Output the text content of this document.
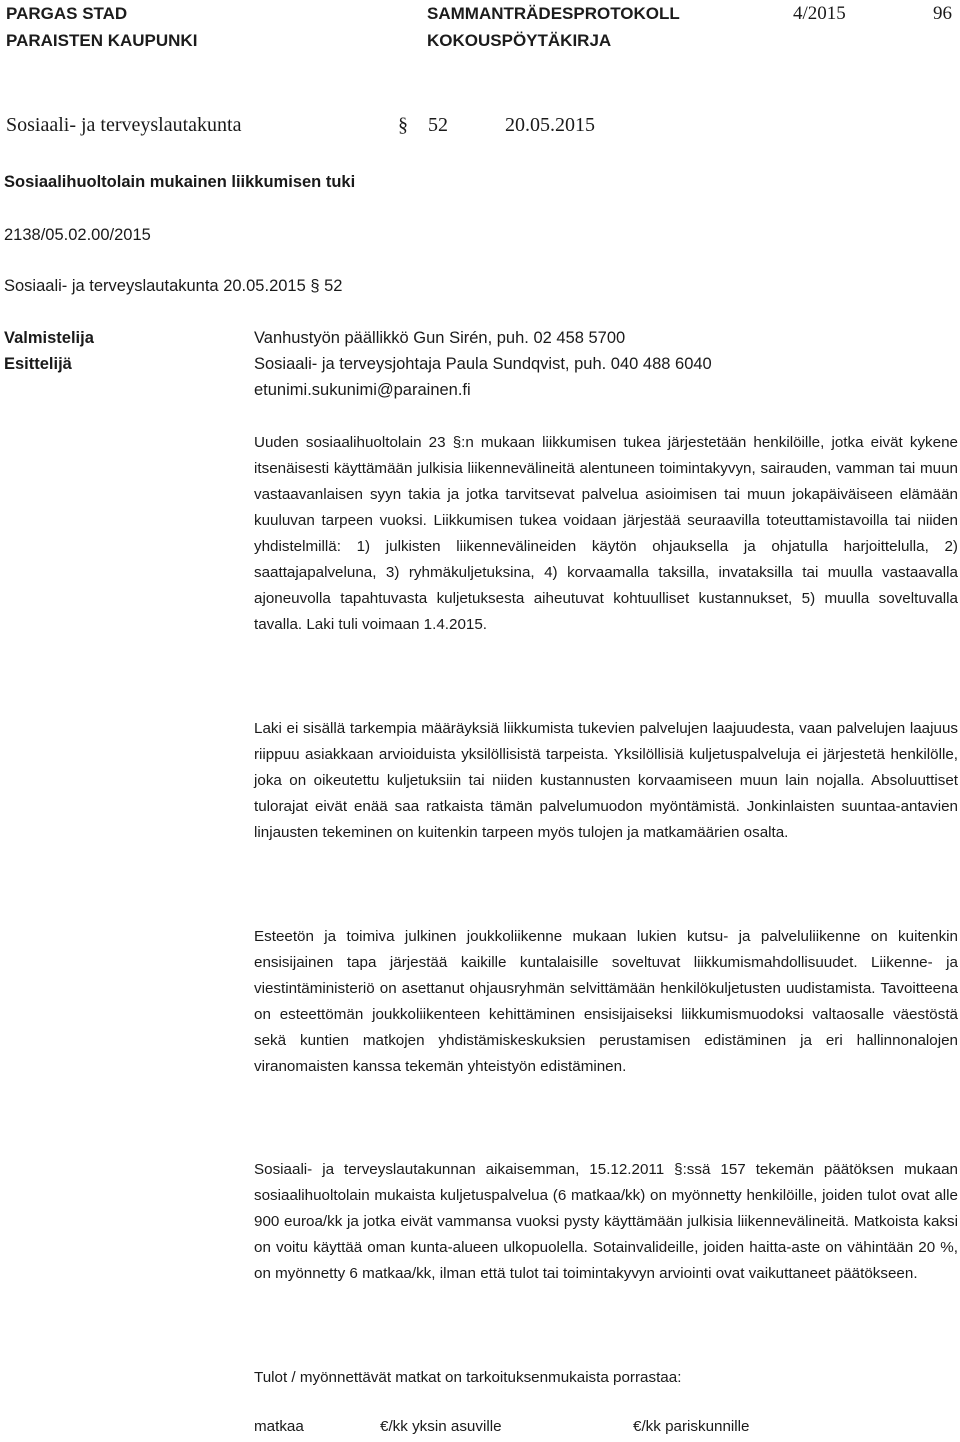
PARGAS STAD
PARAISTEN KAUPUNKI
SAMMANTRÄDESPROTOKOLL
KOKOUSPÖYTÄKIRJA
4/2015	96
Sosiaali- ja terveyslautakunta	§ 52	20.05.2015
Sosiaalihuoltolain mukainen liikkumisen tuki
2138/05.02.00/2015
Sosiaali- ja terveyslautakunta 20.05.2015 § 52
Valmistelija	Vanhustyön päällikkö Gun Sirén, puh. 02 458 5700
Esittelijä	Sosiaali- ja terveysjohtaja Paula Sundqvist, puh. 040 488 6040
etunimi.sukunimi@parainen.fi

Uuden sosiaalihuoltolain 23 §:n mukaan liikkumisen tukea järjestetään henkilöille, jotka eivät kykene itsenäisesti käyttämään julkisia liikennevälineitä alentuneen toimintakyvyn, sairauden, vamman tai muun vastaavanlaisen syyn takia ja jotka tarvitsevat palvelua asioimisen tai muun jokapäiväiseen elämään kuuluvan tarpeen vuoksi. Liikkumisen tukea voidaan järjestää seuraavilla toteuttamistavoilla tai niiden yhdistelmillä: 1) julkisten liikennevälineiden käytön ohjauksella ja ohjatulla harjoittelulla, 2) saattajapalveluna, 3) ryhmäkuljetuksina, 4) korvaamalla taksilla, invataksilla tai muulla vastaavalla ajoneuvolla tapahtuvasta kuljetuksesta aiheutuvat kohtuulliset kustannukset, 5) muulla soveltuvalla tavalla. Laki tuli voimaan 1.4.2015.

Laki ei sisällä tarkempia määräyksiä liikkumista tukevien palvelujen laajuudesta, vaan palvelujen laajuus riippuu asiakkaan arvioiduista yksilöllisistä tarpeista. Yksilöllisiä kuljetuspalveluja ei järjestetä henkilölle, joka on oikeutettu kuljetuksiin tai niiden kustannusten korvaamiseen muun lain nojalla. Absoluuttiset tulorajat eivät enää saa ratkaista tämän palvelumuodon myöntämistä. Jonkinlaisten suuntaa-antavien linjausten tekeminen on kuitenkin tarpeen myös tulojen ja matkamäärien osalta.

Esteetön ja toimiva julkinen joukkoliikenne mukaan lukien kutsu- ja palveluliikenne on kuitenkin ensisijainen tapa järjestää kaikille kuntalaisille soveltuvat liikkumismahdollisuudet. Liikenne- ja viestintäministeriö on asettanut ohjausryhmän selvittämään henkilökuljetusten uudistamista. Tavoitteena on esteettömän joukkoliikenteen kehittäminen ensisijaiseksi liikkumismuodoksi valtaosalle väestöstä sekä kuntien matkojen yhdistämiskeskuksien perustamisen edistäminen ja eri hallinnonalojen viranomaisten kanssa tekemän yhteistyön edistäminen.

Sosiaali- ja terveyslautakunnan aikaisemman, 15.12.2011 §:ssä 157 tekemän päätöksen mukaan sosiaalihuoltolain mukaista kuljetuspalvelua (6 matkaa/kk) on myönnetty henkilöille, joiden tulot ovat alle 900 euroa/kk ja jotka eivät vammansa vuoksi pysty käyttämään julkisia liikennevälineitä. Matkoista kaksi on voitu käyttää oman kunta-alueen ulkopuolella. Sotainvalideille, joiden haitta-aste on vähintään 20 %, on myönnetty 6 matkaa/kk, ilman että tulot tai toimintakyvyn arviointi ovat vaikuttaneet päätökseen.

Tulot / myönnettävät matkat on tarkoituksenmukaista porrastaa:

matkaa	€/kk yksin asuville	€/kk pariskunnille
